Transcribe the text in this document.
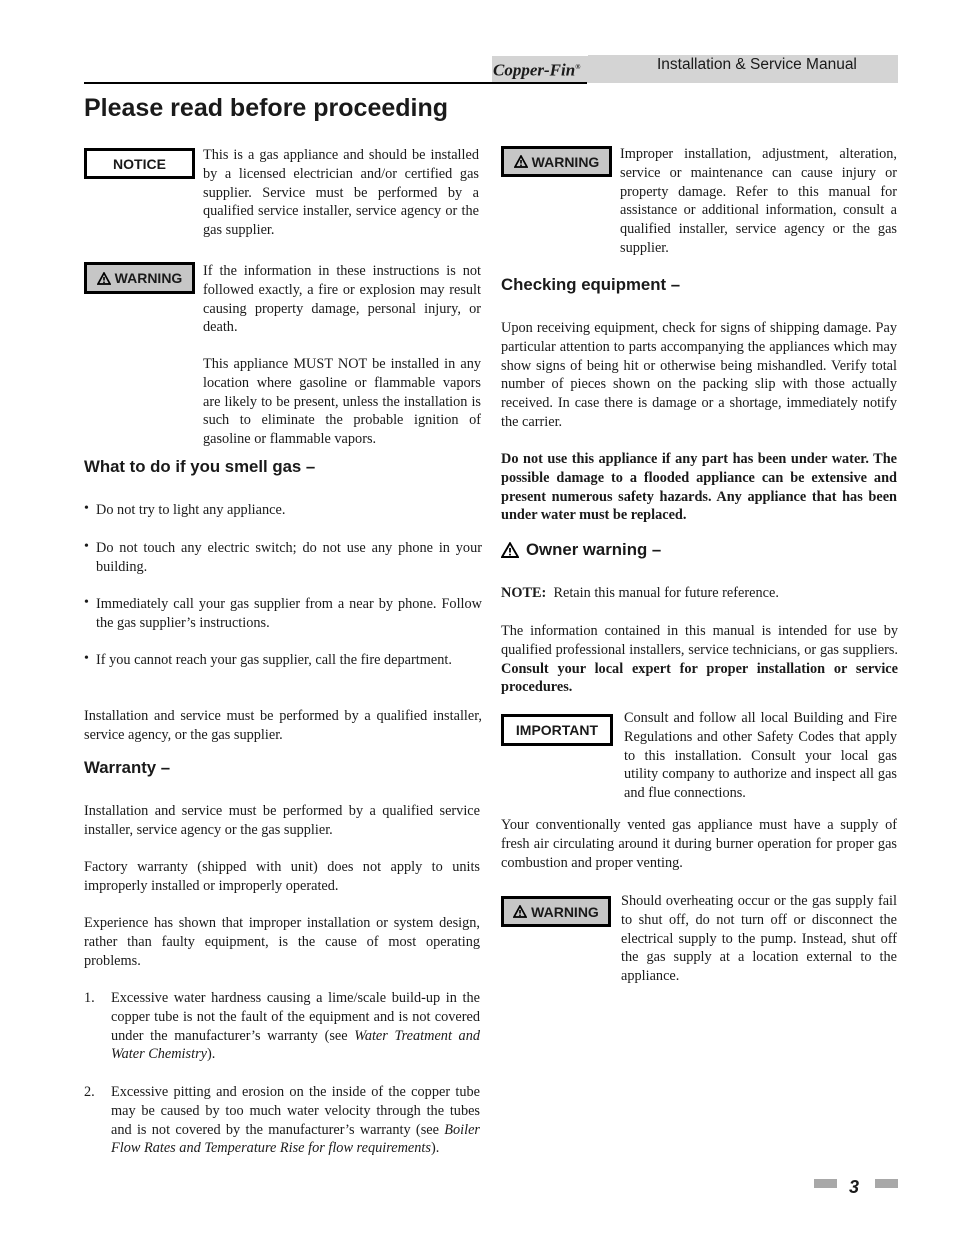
Copper-Fin®	Installation & Service Manual
Please read before proceeding
NOTICE

This is a gas appliance and should be installed by a licensed electrician and/or certified gas supplier. Service must be performed by a qualified service installer, service agency or the gas supplier.

WARNING If the information in these instructions is not followed exactly, a fire or explosion may result causing property damage, personal injury, or death.

This appliance MUST NOT be installed in any location where gasoline or flammable vapors are likely to be present, unless the installation is such to eliminate the probable ignition of gasoline or flammable vapors.

What to do if you smell gas –
• Do not try to light any appliance.

• Do not touch any electric switch; do not use any phone in your building.

• Immediately call your gas supplier from a near by phone. Follow the gas supplier’s instructions.

• If you cannot reach your gas supplier, call the fire department.

Installation and service must be performed by a qualified installer, service agency, or the gas supplier.

Warranty –

Installation and service must be performed by a qualified service installer, service agency or the gas supplier.

Factory warranty (shipped with unit) does not apply to units improperly installed or improperly operated.

Experience has shown that improper installation or system design, rather than faulty equipment, is the cause of most operating problems.

1. Excessive water hardness causing a lime/scale build-up in the copper tube is not the fault of the equipment and is not covered under the manufacturer’s warranty (see Water Treatment and Water Chemistry).

2. Excessive pitting and erosion on the inside of the copper tube may be caused by too much water velocity through the tubes and is not covered by the manufacturer’s warranty (see Boiler Flow Rates and Temperature Rise for flow requirements).

WARNING Improper installation, adjustment, alteration, service or maintenance can cause injury or property damage. Refer to this manual for assistance or additional information, consult a qualified installer, service agency or the gas supplier.

Checking equipment –

Upon receiving equipment, check for signs of shipping damage. Pay particular attention to parts accompanying the appliances which may show signs of being hit or otherwise being mishandled. Verify total number of pieces shown on the packing slip with those actually received. In case there is damage or a shortage, immediately notify the carrier.

Do not use this appliance if any part has been under water. The possible damage to a flooded appliance can be extensive and present numerous safety hazards. Any appliance that has been under water must be replaced.

Owner warning –

NOTE: Retain this manual for future reference.

The information contained in this manual is intended for use by qualified professional installers, service technicians, or gas suppliers. Consult your local expert for proper installation or service procedures.

IMPORTANT

Consult and follow all local Building and Fire Regulations and other Safety Codes that apply to this installation. Consult your local gas utility company to authorize and inspect all gas and flue connections.

Your conventionally vented gas appliance must have a supply of fresh air circulating around it during burner operation for proper gas combustion and proper venting.

WARNING

Should overheating occur or the gas supply fail to shut off, do not turn off or disconnect the electrical supply to the pump. Instead, shut off the gas supply at a location external to the appliance.

3
